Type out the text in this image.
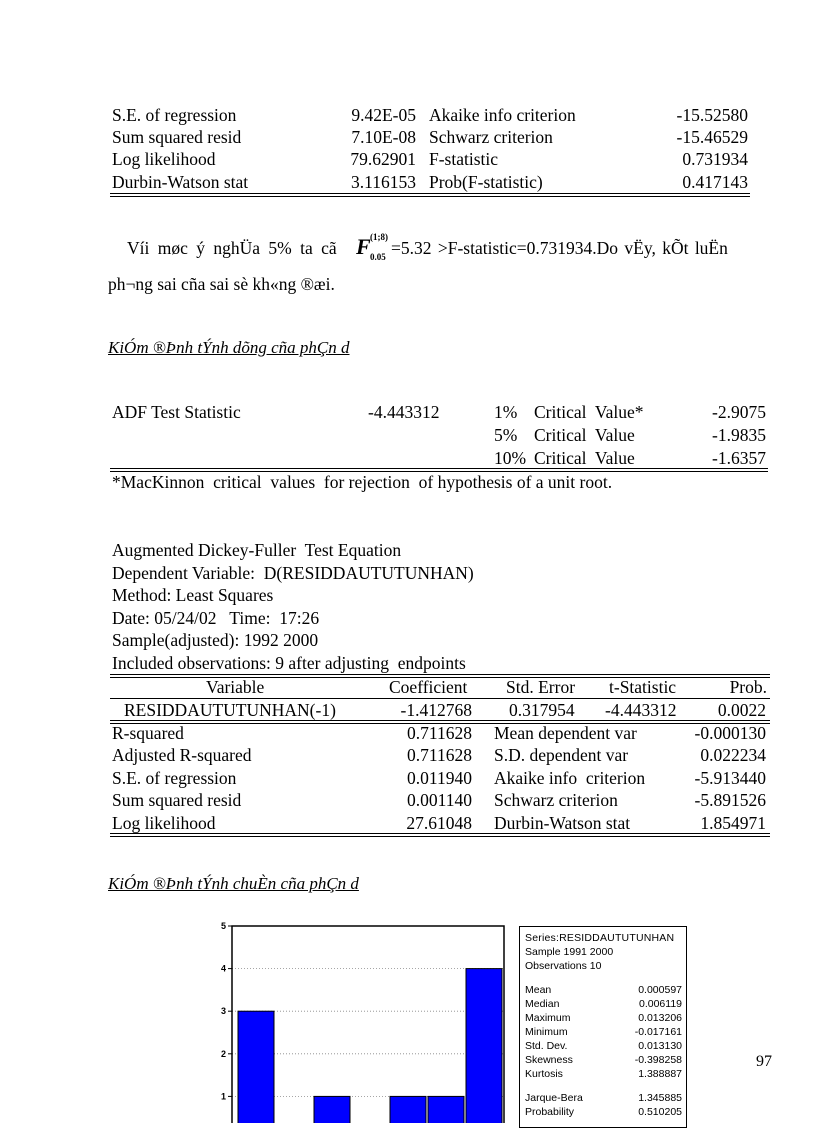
S.E. of regression	9.42E-05 Akaike info criterion	-15.52580
Sum squared resid	7.10E-08 Schwarz criterion	-15.46529
Log likelihood	79.62901 F-statistic	0.731934
Durbin-Watson stat	3.116153 Prob(F-statistic)	0.417143
Víi møc ý nghÜa 5% ta cã F (1;8)
0.05 =5.32 >F-statistic=0.731934.Do vËy, kÕt luËn
ph¬ng sai cña sai sè kh«ng ®æi.
KiÓm ®Þnh tÝnh dõng cña phÇn d
ADF Test Statistic	-4.443312	1% Critical  Value*	-2.9075
5% Critical  Value	-1.9835
10% Critical  Value	-1.6357
*MacKinnon  critical  values  for rejection  of hypothesis of a unit root.
Augmented Dickey-Fuller  Test Equation
Dependent Variable:  D(RESIDDAUTUTUNHAN)
Method: Least Squares
Date: 05/24/02   Time:  17:26
Sample(adjusted): 1992 2000
Included observations: 9 after adjusting  endpoints
Variable	Coefficient Std. Error t-Statistic	Prob.
RESIDDAUTUTUNHAN(-1)	-1.412768 0.317954 -4.443312	0.0022
R-squared	0.711628 Mean dependent var	-0.000130
Adjusted R-squared	0.711628 S.D. dependent var	0.022234
S.E. of regression	0.011940 Akaike info  criterion	-5.913440
Sum squared resid	0.001140 Schwarz criterion	-5.891526
Log likelihood	27.61048 Durbin-Watson stat	1.854971
KiÓm ®Þnh tÝnh chuÈn cña phÇn d
1
2
3
4
5
Series:RESIDDAUTUTUNHAN
Sample 1991 2000
Observations 10
Mean	0.000597
Median	0.006119
Maximum	0.013206
Minimum	-0.017161
Std. Dev.	0.013130
Skewness	-0.398258
Kurtosis	1.388887
Jarque-Bera	1.345885
Probability	0.510205
97
